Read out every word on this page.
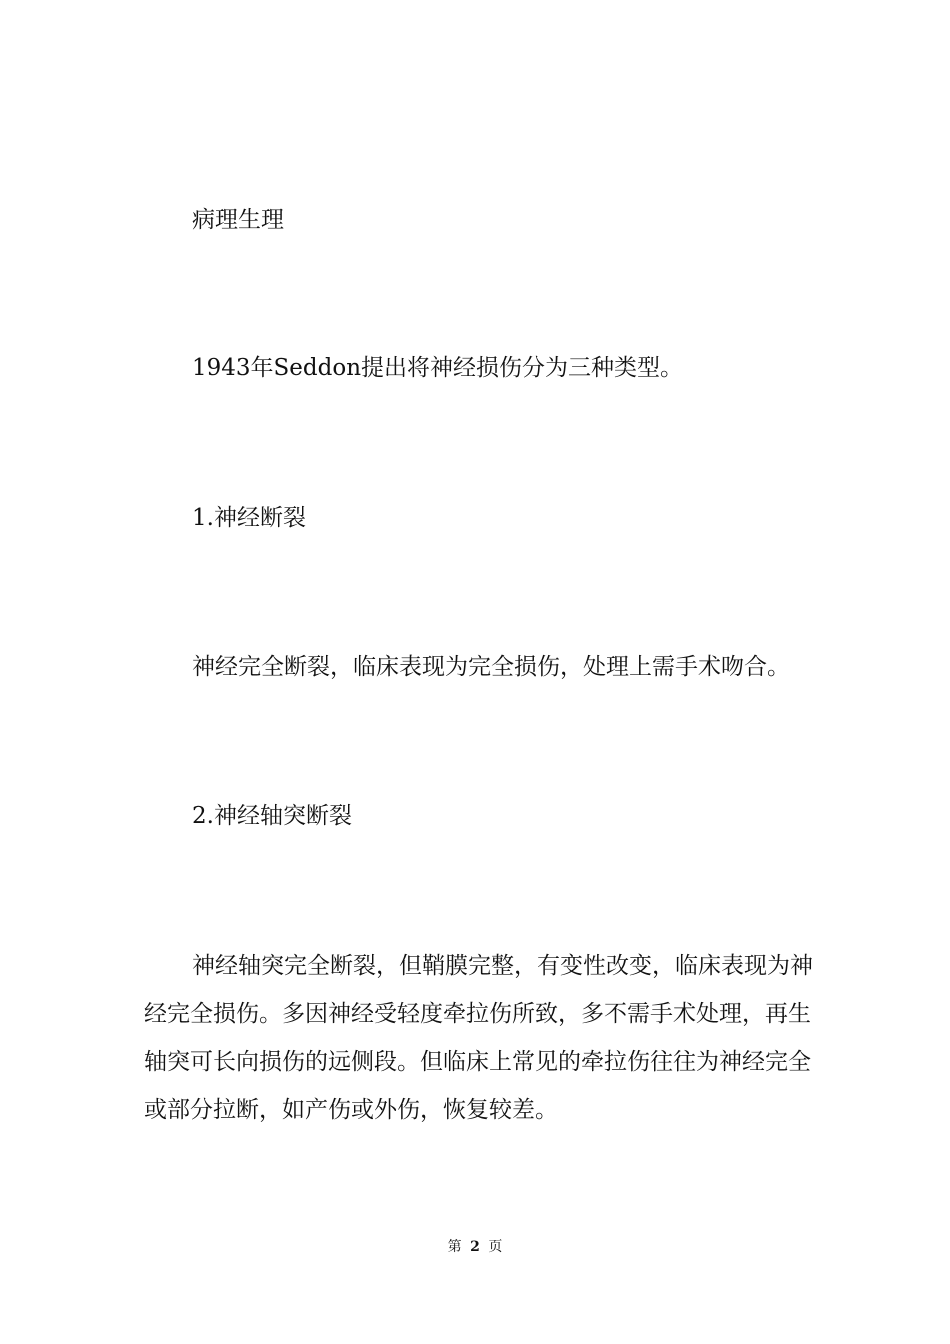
病理生理

1943年Seddon提出将神经损伤分为三种类型。

1.神经断裂

神经完全断裂，临床表现为完全损伤，处理上需手术吻合。

2.神经轴突断裂

神经轴突完全断裂，但鞘膜完整，有变性改变，临床表现为神经完全损伤。多因神经受轻度牵拉伤所致，多不需手术处理，再生轴突可长向损伤的远侧段。但临床上常见的牵拉伤往往为神经完全或部分拉断，如产伤或外伤，恢复较差。

第 2 页
